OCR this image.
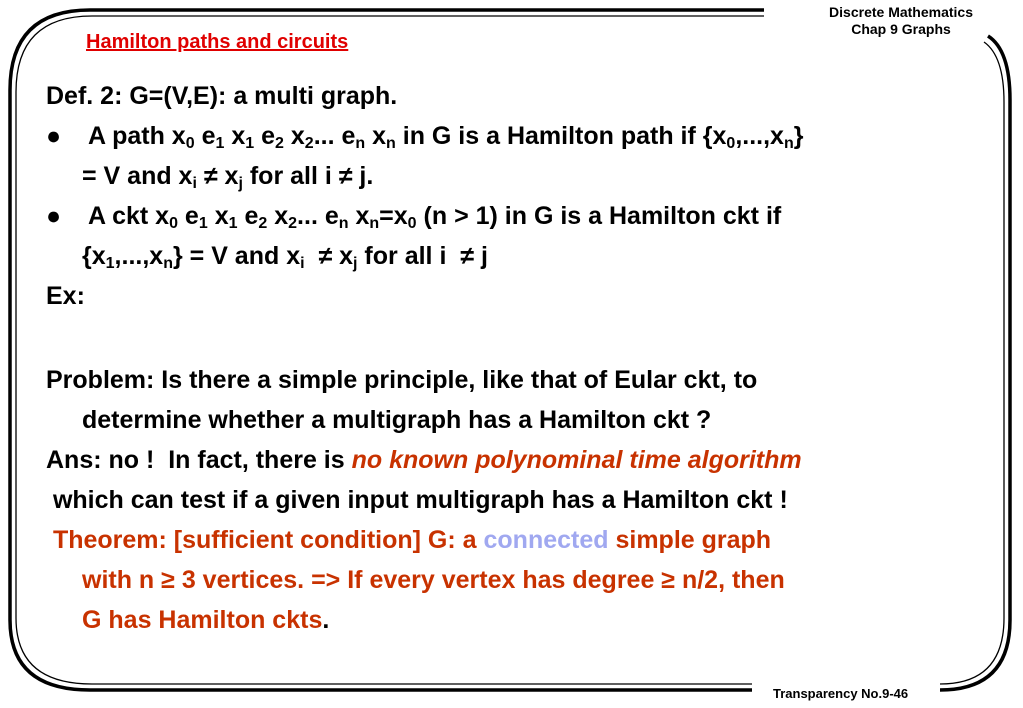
Discrete Mathematics
Chap 9 Graphs
Hamilton paths and circuits
Def. 2: G=(V,E): a multi graph.
● A path $x_0$ $e_1$ $x_1$ $e_2$ $x_2$... $e_n$ $x_n$ in G is a Hamilton path if $\{x_0,...,x_n\}$
= V and $x_i \ne x_j$ for all i ≠ j.
● A ckt $x_0$ $e_1$ $x_1$ $e_2$ $x_2$... $e_n$ $x_n=x_0$ (n > 1) in G is a Hamilton ckt if
$\{x_1,...,x_n\} = V$ and $x_i \ne x_j$ for all i  ≠ j
Ex:
Problem: Is there a simple principle, like that of Eular ckt, to
determine whether a multigraph has a Hamilton ckt ?
Ans: no !  In fact, there is no known polynominal time algorithm
which can test if a given input multigraph has a Hamilton ckt !
Theorem: [sufficient condition] G: a connected simple graph
with n ≥ 3 vertices. => If every vertex has degree ≥ n/2, then
G has Hamilton ckts.
Transparency No.9-46
